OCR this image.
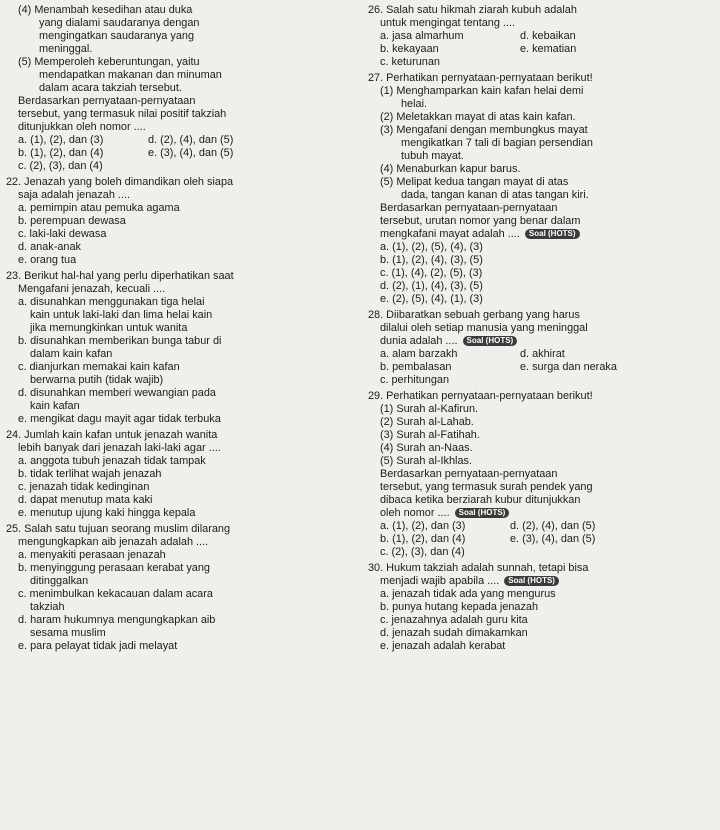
(4) Menambah kesedihan atau duka
yang dialami saudaranya dengan
mengingatkan saudaranya yang
meninggal.
(5) Memperoleh keberuntungan, yaitu
mendapatkan makanan dan minuman
dalam acara takziah tersebut.
Berdasarkan pernyataan-pernyataan
tersebut, yang termasuk nilai positif takziah
ditunjukkan oleh nomor ....
a. (1), (2), dan (3)	d. (2), (4), dan (5)
b. (1), (2), dan (4)	e. (3), (4), dan (5)
c. (2), (3), dan (4)
22. Jenazah yang boleh dimandikan oleh siapa
saja adalah jenazah ....
a. pemimpin atau pemuka agama
b. perempuan dewasa
c. laki-laki dewasa
d. anak-anak
e. orang tua
23. Berikut hal-hal yang perlu diperhatikan saat
Mengafani jenazah, kecuali ....
a. disunahkan menggunakan tiga helai
kain untuk laki-laki dan lima helai kain
jika memungkinkan untuk wanita
b. disunahkan memberikan bunga tabur di
dalam kain kafan
c. dianjurkan memakai kain kafan
berwarna putih (tidak wajib)
d. disunahkan memberi wewangian pada
kain kafan
e. mengikat dagu mayit agar tidak terbuka
24. Jumlah kain kafan untuk jenazah wanita
lebih banyak dari jenazah laki-laki agar ....
a. anggota tubuh jenazah tidak tampak
b. tidak terlihat wajah jenazah
c. jenazah tidak kedinginan
d. dapat menutup mata kaki
e. menutup ujung kaki hingga kepala
25. Salah satu tujuan seorang muslim dilarang
mengungkapkan aib jenazah adalah ....
a. menyakiti perasaan jenazah
b. menyinggung perasaan kerabat yang
ditinggalkan
c. menimbulkan kekacauan dalam acara
takziah
d. haram hukumnya mengungkapkan aib
sesama muslim
e. para pelayat tidak jadi melayat
26. Salah satu hikmah ziarah kubuh adalah
untuk mengingat tentang ....
a. jasa almarhum	d. kebaikan
b. kekayaan	e. kematian
c. keturunan
27. Perhatikan pernyataan-pernyataan berikut!
(1) Menghamparkan kain kafan helai demi
helai.
(2) Meletakkan mayat di atas kain kafan.
(3) Mengafani dengan membungkus mayat
mengikatkan 7 tali di bagian persendian
tubuh mayat.
(4) Menaburkan kapur barus.
(5) Melipat kedua tangan mayat di atas
dada, tangan kanan di atas tangan kiri.
Berdasarkan pernyataan-pernyataan
tersebut, urutan nomor yang benar dalam
mengkafani mayat adalah .... Soal (HOTS)
a. (1), (2), (5), (4), (3)
b. (1), (2), (4), (3), (5)
c. (1), (4), (2), (5), (3)
d. (2), (1), (4), (3), (5)
e. (2), (5), (4), (1), (3)
28. Diibaratkan sebuah gerbang yang harus
dilalui oleh setiap manusia yang meninggal
dunia adalah .... Soal (HOTS)
a. alam barzakh	d. akhirat
b. pembalasan	e. surga dan neraka
c. perhitungan
29. Perhatikan pernyataan-pernyataan berikut!
(1) Surah al-Kafirun.
(2) Surah al-Lahab.
(3) Surah al-Fatihah.
(4) Surah an-Naas.
(5) Surah al-Ikhlas.
Berdasarkan pernyataan-pernyataan
tersebut, yang termasuk surah pendek yang
dibaca ketika berziarah kubur ditunjukkan
oleh nomor .... Soal (HOTS)
a. (1), (2), dan (3)	d. (2), (4), dan (5)
b. (1), (2), dan (4)	e. (3), (4), dan (5)
c. (2), (3), dan (4)
30. Hukum takziah adalah sunnah, tetapi bisa
menjadi wajib apabila .... Soal (HOTS)
a. jenazah tidak ada yang mengurus
b. punya hutang kepada jenazah
c. jenazahnya adalah guru kita
d. jenazah sudah dimakamkan
e. jenazah adalah kerabat
